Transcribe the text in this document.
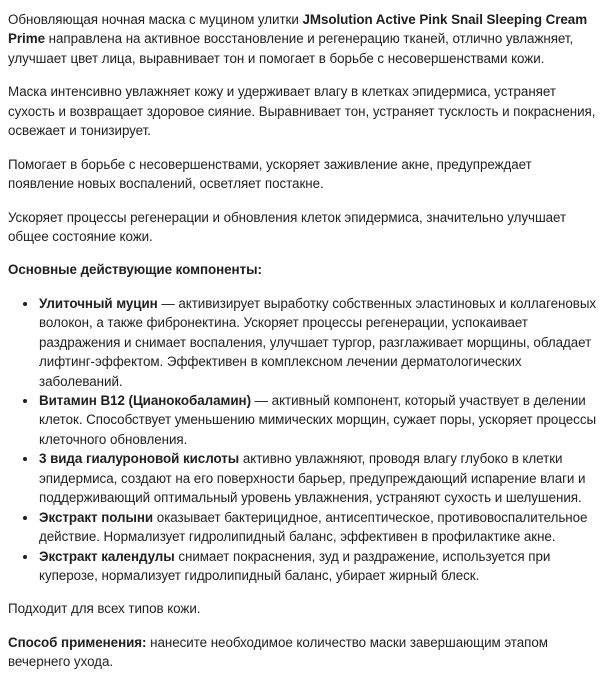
Обновляющая ночная маска с муцином улитки JMsolution Active Pink Snail Sleeping Cream Prime направлена на активное восстановление и регенерацию тканей, отлично увлажняет, улучшает цвет лица, выравнивает тон и помогает в борьбе с несовершенствами кожи.

Маска интенсивно увлажняет кожу и удерживает влагу в клетках эпидермиса, устраняет сухость и возвращает здоровое сияние. Выравнивает тон, устраняет тусклость и покраснения, освежает и тонизирует.

Помогает в борьбе с несовершенствами, ускоряет заживление акне, предупреждает появление новых воспалений, осветляет постакне.

Ускоряет процессы регенерации и обновления клеток эпидермиса, значительно улучшает общее состояние кожи.

Основные действующие компоненты:

• Улиточный муцин — активизирует выработку собственных эластиновых и коллагеновых волокон, а также фибронектина. Ускоряет процессы регенерации, успокаивает раздражения и снимает воспаления, улучшает тургор, разглаживает морщины, обладает лифтинг-эффектом. Эффективен в комплексном лечении дерматологических заболеваний.
• Витамин В12 (Цианокобаламин) — активный компонент, который участвует в делении клеток. Способствует уменьшению мимических морщин, сужает поры, ускоряет процессы клеточного обновления.
• 3 вида гиалуроновой кислоты активно увлажняют, проводя влагу глубоко в клетки эпидермиса, создают на его поверхности барьер, предупреждающий испарение влаги и поддерживающий оптимальный уровень увлажнения, устраняют сухость и шелушения.
• Экстракт полыни оказывает бактерицидное, антисептическое, противовоспалительное действие. Нормализует гидролипидный баланс, эффективен в профилактике акне.
• Экстракт календулы снимает покраснения, зуд и раздражение, используется при куперозе, нормализует гидролипидный баланс, убирает жирный блеск.

Подходит для всех типов кожи.

Способ применения: нанесите необходимое количество маски завершающим этапом вечернего ухода.
